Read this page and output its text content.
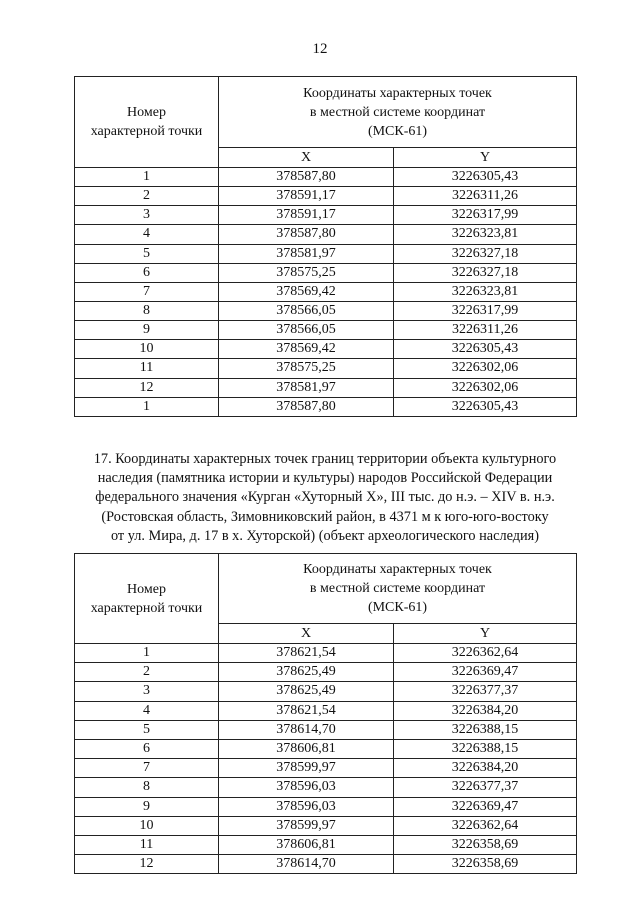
12
Номер
характерной точки	Координаты характерных точек
в местной системе координат
(МСК-61)	

	X	Y
1	378587,80	3226305,43
2	378591,17	3226311,26
3	378591,17	3226317,99
4	378587,80	3226323,81
5	378581,97	3226327,18
6	378575,25	3226327,18
7	378569,42	3226323,81
8	378566,05	3226317,99
9	378566,05	3226311,26
10	378569,42	3226305,43
11	378575,25	3226302,06
12	378581,97	3226302,06
1	378587,80	3226305,43
17. Координаты характерных точек границ территории объекта культурного
наследия (памятника истории и культуры) народов Российской Федерации
федерального значения «Курган «Хуторный X», III тыс. до н.э. – XIV в. н.э.
(Ростовская область, Зимовниковский район, в 4371 м к юго-юго-востоку
от ул. Мира, д. 17 в х. Хуторской) (объект археологического наследия)
Номер
характерной точки	Координаты характерных точек
в местной системе координат
(МСК-61)	

	X	Y
1	378621,54	3226362,64
2	378625,49	3226369,47
3	378625,49	3226377,37
4	378621,54	3226384,20
5	378614,70	3226388,15
6	378606,81	3226388,15
7	378599,97	3226384,20
8	378596,03	3226377,37
9	378596,03	3226369,47
10	378599,97	3226362,64
11	378606,81	3226358,69
12	378614,70	3226358,69
